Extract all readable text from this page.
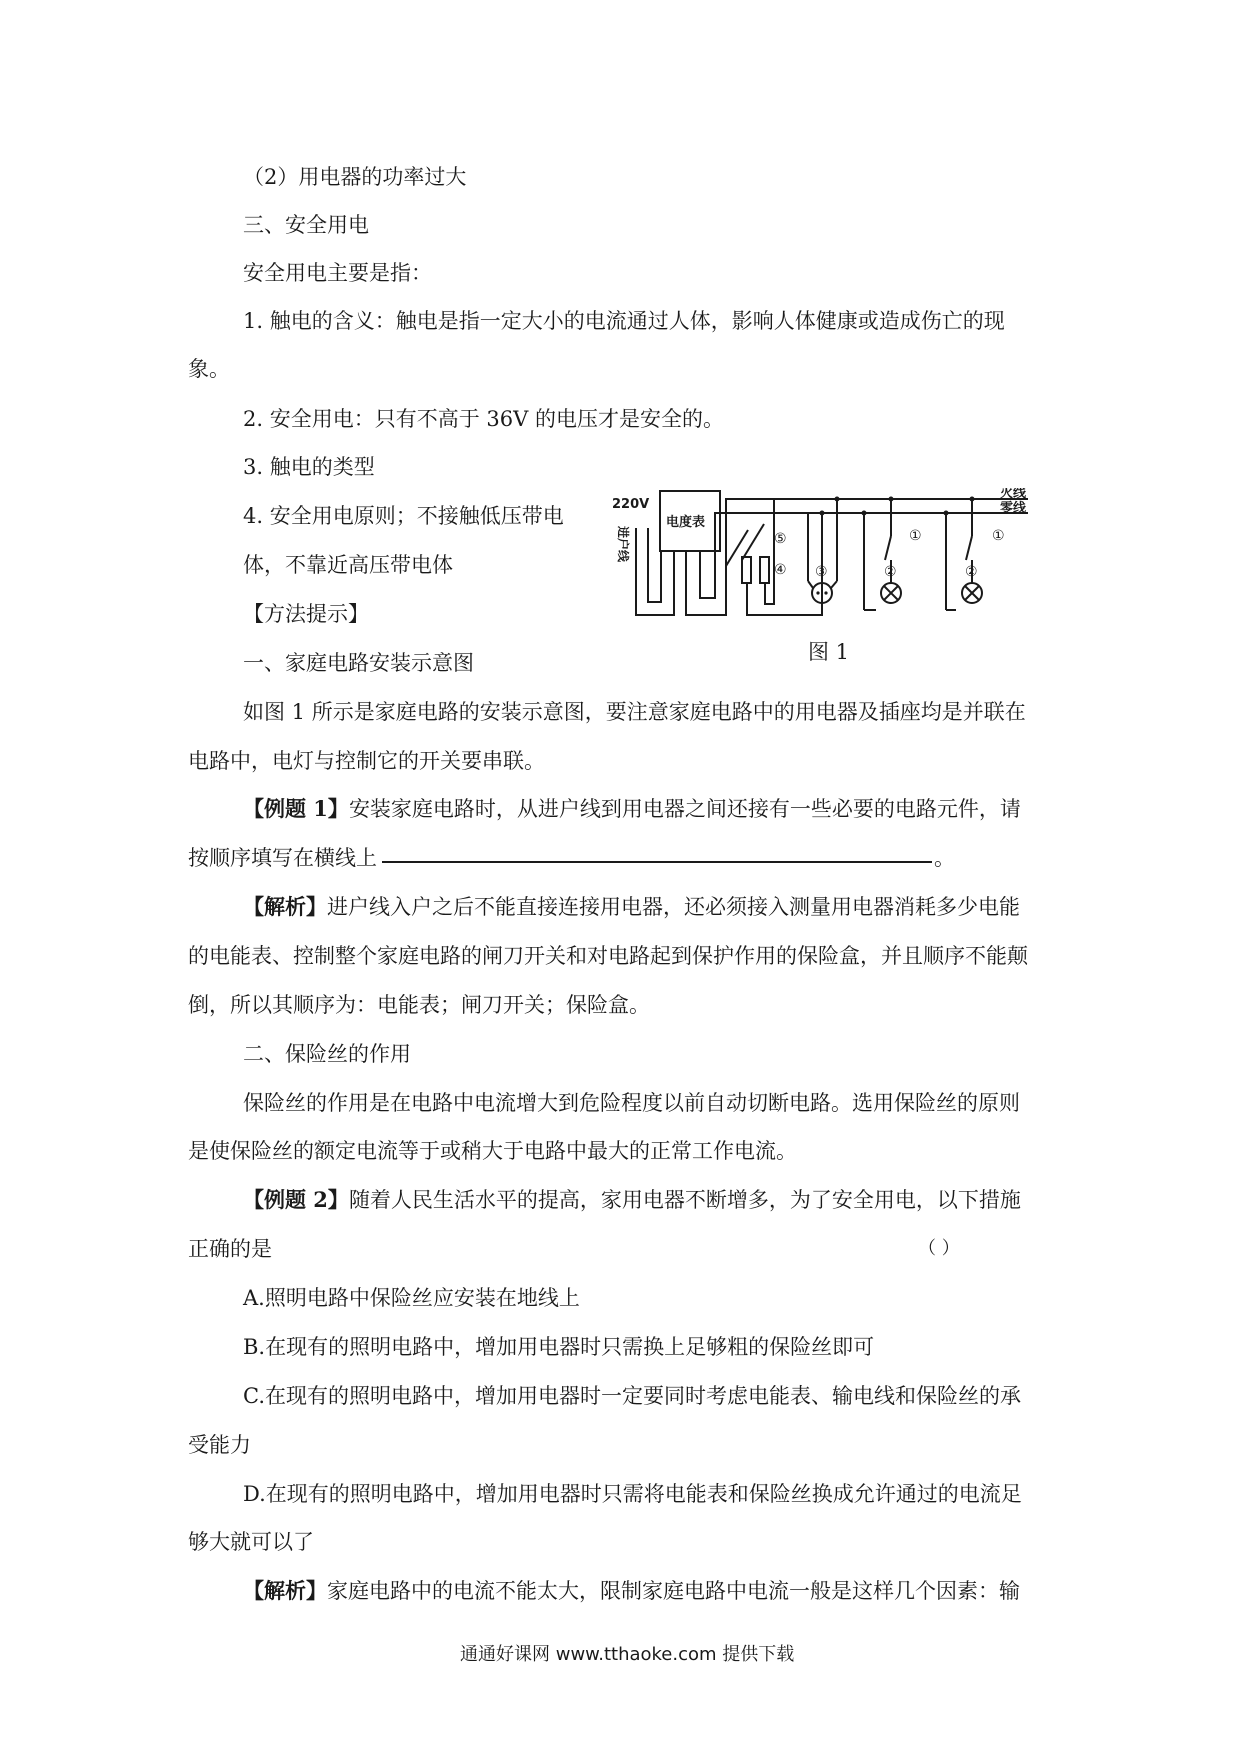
（2）用电器的功率过大
三、安全用电
安全用电主要是指：
1. 触电的含义：触电是指一定大小的电流通过人体，影响人体健康或造成伤亡的现
象。
2. 安全用电：只有不高于 36V 的电压才是安全的。
3. 触电的类型
4. 安全用电原则；不接触低压带电
体，不靠近高压带电体
【方法提示】
一、家庭电路安装示意图
如图 1 所示是家庭电路的安装示意图，要注意家庭电路中的用电器及插座均是并联在
电路中，电灯与控制它的开关要串联。
【例题 1】安装家庭电路时，从进户线到用电器之间还接有一些必要的电路元件，请
按顺序填写在横线上	。
【解析】进户线入户之后不能直接连接用电器，还必须接入测量用电器消耗多少电能
的电能表、控制整个家庭电路的闸刀开关和对电路起到保护作用的保险盒，并且顺序不能颠
倒，所以其顺序为：电能表；闸刀开关；保险盒。
二、保险丝的作用
保险丝的作用是在电路中电流增大到危险程度以前自动切断电路。选用保险丝的原则
是使保险丝的额定电流等于或稍大于电路中最大的正常工作电流。
【例题 2】随着人民生活水平的提高，家用电器不断增多，为了安全用电，以下措施
正确的是	（ ）
A.照明电路中保险丝应安装在地线上
B.在现有的照明电路中，增加用电器时只需换上足够粗的保险丝即可
C.在现有的照明电路中，增加用电器时一定要同时考虑电能表、输电线和保险丝的承
受能力
D.在现有的照明电路中，增加用电器时只需将电能表和保险丝换成允许通过的电流足
够大就可以了
【解析】家庭电路中的电流不能太大，限制家庭电路中电流一般是这样几个因素：输
220V
电度表
火线
零线
进户线	①
②
③
④
⑤	①
②
图 1
通通好课网 www.tthaoke.com 提供下载
